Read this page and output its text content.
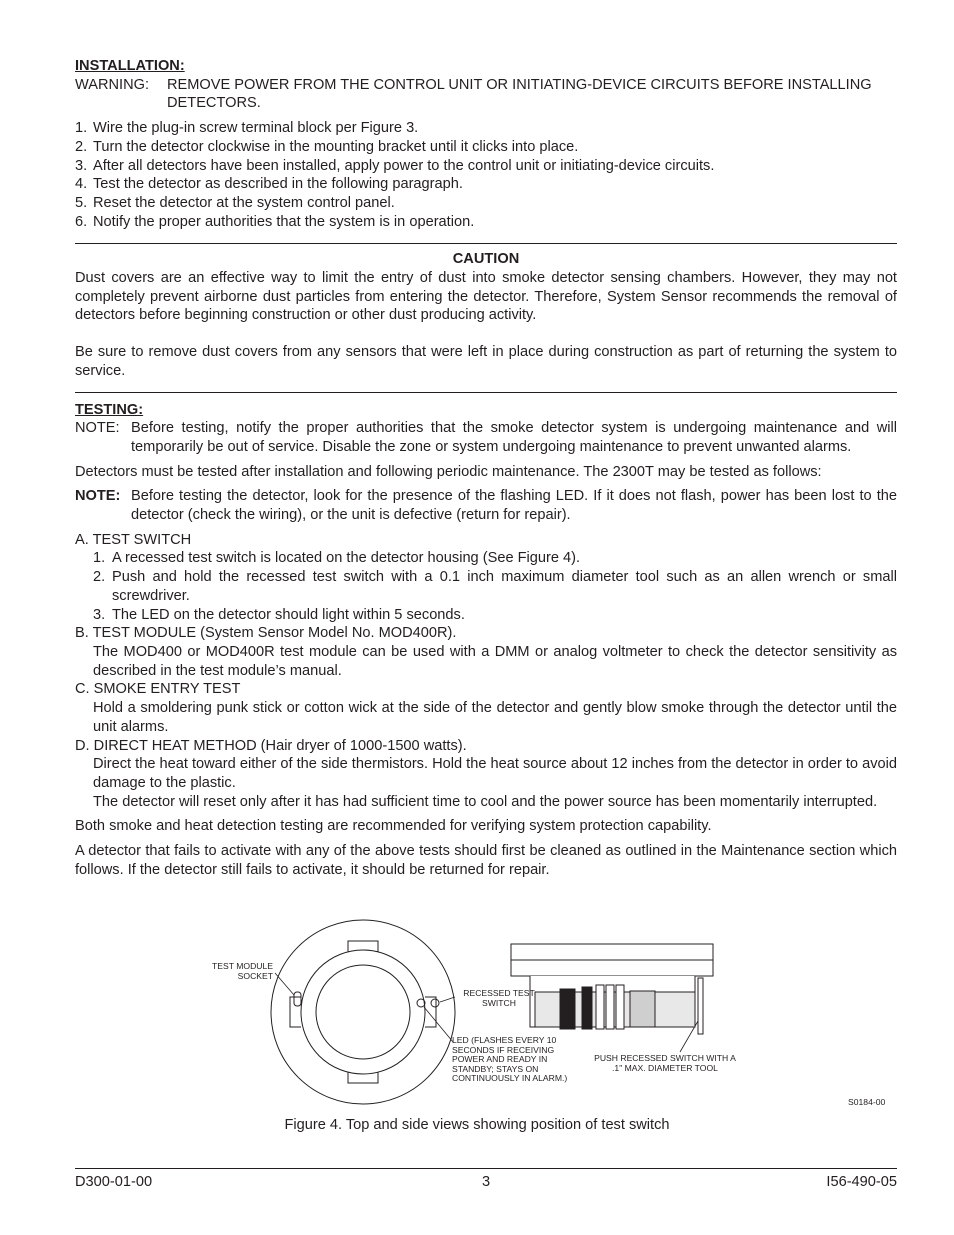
INSTALLATION:
WARNING:	REMOVE POWER FROM THE CONTROL UNIT OR INITIATING-DEVICE CIRCUITS BEFORE INSTALLING DETECTORS.
1. Wire the plug-in screw terminal block per Figure 3.
2. Turn the detector clockwise in the mounting bracket until it clicks into place.
3. After all detectors have been installed, apply power to the control unit or initiating-device circuits.
4. Test the detector as described in the following paragraph.
5. Reset the detector at the system control panel.
6. Notify the proper authorities that the system is in operation.
CAUTION

Dust covers are an effective way to limit the entry of dust into smoke detector sensing chambers. However, they may not completely prevent airborne dust particles from entering the detector. Therefore, System Sensor recommends the removal of detectors before beginning construction or other dust producing activity.

Be sure to remove dust covers from any sensors that were left in place during construction as part of returning the system to service.

TESTING:
NOTE: Before testing, notify the proper authorities that the smoke detector system is undergoing maintenance and will temporarily be out of service. Disable the zone or system undergoing maintenance to prevent unwanted alarms.

Detectors must be tested after installation and following periodic maintenance. The 2300T may be tested as follows:

NOTE: Before testing the detector, look for the presence of the flashing LED. If it does not flash, power has been lost to the detector (check the wiring), or the unit is defective (return for repair).
A. TEST SWITCH
1. A recessed test switch is located on the detector housing (See Figure 4).
2. Push and hold the recessed test switch with a 0.1 inch maximum diameter tool such as an allen wrench or small screwdriver.
3. The LED on the detector should light within 5 seconds.
B. TEST MODULE (System Sensor Model No. MOD400R).

The MOD400 or MOD400R test module can be used with a DMM or analog voltmeter to check the detector sensitivity as described in the test module’s manual.

C. SMOKE ENTRY TEST

Hold a smoldering punk stick or cotton wick at the side of the detector and gently blow smoke through the detector until the unit alarms.

D. DIRECT HEAT METHOD (Hair dryer of 1000-1500 watts).

Direct the heat toward either of the side thermistors. Hold the heat source about 12 inches from the detector in order to avoid damage to the plastic.

The detector will reset only after it has had sufficient time to cool and the power source has been momentarily interrupted.

Both smoke and heat detection testing are recommended for verifying system protection capability.

A detector that fails to activate with any of the above tests should first be cleaned as outlined in the Maintenance section which follows. If the detector still fails to activate, it should be returned for repair.

TEST MODULE SOCKET
RECESSED TEST SWITCH
LED (FLASHES EVERY 10 SECONDS IF RECEIVING POWER AND READY IN STANDBY; STAYS ON CONTINUOUSLY IN ALARM.)
PUSH RECESSED SWITCH WITH A .1" MAX. DIAMETER TOOL
S0184-00
Figure 4. Top and side views showing position of test switch
D300-01-00	3	I56-490-05
